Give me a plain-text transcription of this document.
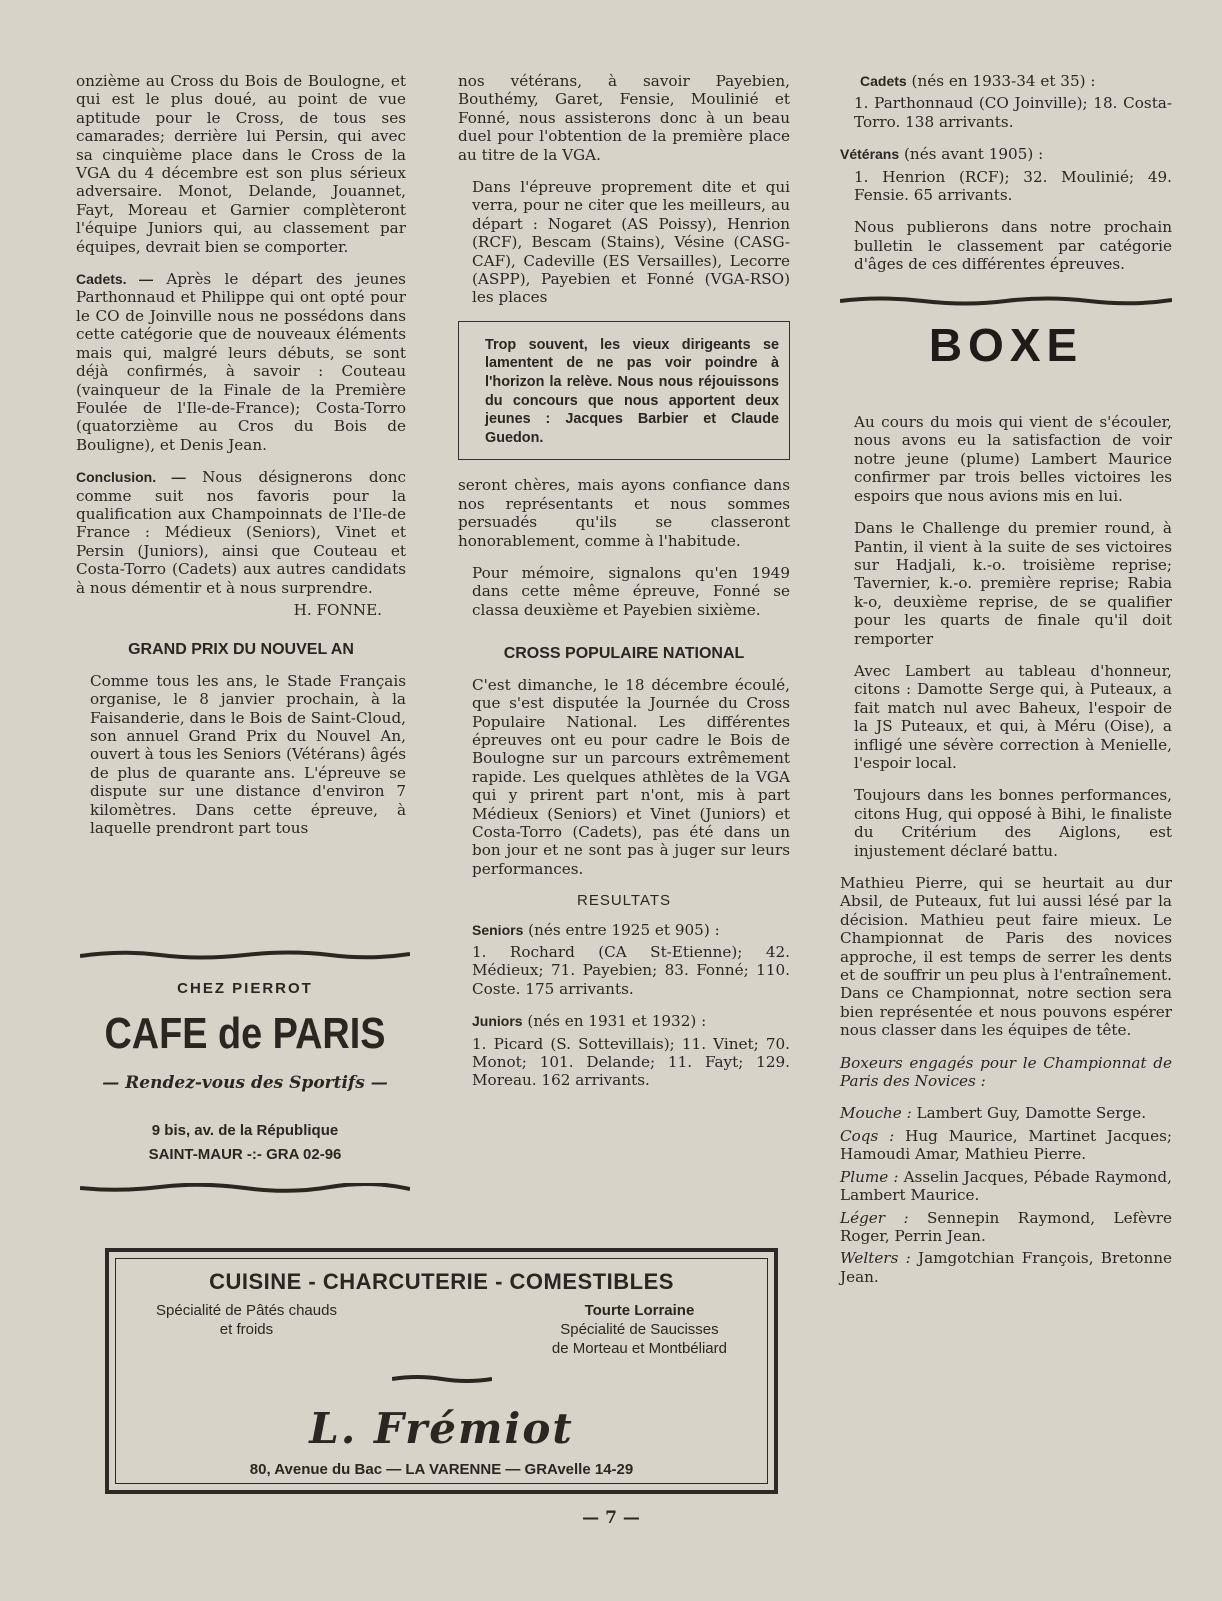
onzième au Cross du Bois de Boulogne, et qui est le plus doué, au point de vue aptitude pour le Cross, de tous ses camarades; derrière lui Persin, qui avec sa cinquième place dans le Cross de la VGA du 4 décembre est son plus sérieux adversaire. Monot, Delande, Jouannet, Fayt, Moreau et Garnier complèteront l'équipe Juniors qui, au classement par équipes, devrait bien se comporter.

Cadets. — Après le départ des jeunes Parthonnaud et Philippe qui ont opté pour le CO de Joinville nous ne possédons dans cette catégorie que de nouveaux éléments mais qui, malgré leurs débuts, se sont déjà confirmés, à savoir : Couteau (vainqueur de la Finale de la Première Foulée de l'Ile-de-France); Costa-Torro (quatorzième au Cros du Bois de Bouligne), et Denis Jean.

Conclusion. — Nous désignerons donc comme suit nos favoris pour la qualification aux Champoinnats de l'Ile-de France : Médieux (Seniors), Vinet et Persin (Juniors), ainsi que Couteau et Costa-Torro (Cadets) aux autres candidats à nous démentir et à nous surprendre.

H. FONNE.
GRAND PRIX DU NOUVEL AN

Comme tous les ans, le Stade Français organise, le 8 janvier prochain, à la Faisanderie, dans le Bois de Saint-Cloud, son annuel Grand Prix du Nouvel An, ouvert à tous les Seniors (Vétérans) âgés de plus de quarante ans. L'épreuve se dispute sur une distance d'environ 7 kilomètres. Dans cette épreuve, à laquelle prendront part tous

CHEZ PIERROT
CAFE de PARIS
— Rendez-vous des Sportifs —
9 bis, av. de la République
SAINT-MAUR -:- GRA 02-96

nos vétérans, à savoir Payebien, Bouthémy, Garet, Fensie, Moulinié et Fonné, nous assisterons donc à un beau duel pour l'obtention de la première place au titre de la VGA.

Dans l'épreuve proprement dite et qui verra, pour ne citer que les meilleurs, au départ : Nogaret (AS Poissy), Henrion (RCF), Bescam (Stains), Vésine (CASG-CAF), Cadeville (ES Versailles), Lecorre (ASPP), Payebien et Fonné (VGA-RSO) les places

Trop souvent, les vieux dirigeants se lamentent de ne pas voir poindre à l'horizon la relève. Nous nous réjouissons du concours que nous apportent deux jeunes : Jacques Barbier et Claude Guedon.

seront chères, mais ayons confiance dans nos représentants et nous sommes persuadés qu'ils se classeront honorablement, comme à l'habitude.

Pour mémoire, signalons qu'en 1949 dans cette même épreuve, Fonné se classa deuxième et Payebien sixième.

CROSS POPULAIRE NATIONAL

C'est dimanche, le 18 décembre écoulé, que s'est disputée la Journée du Cross Populaire National. Les différentes épreuves ont eu pour cadre le Bois de Boulogne sur un parcours extrêmement rapide. Les quelques athlètes de la VGA qui y prirent part n'ont, mis à part Médieux (Seniors) et Vinet (Juniors) et Costa-Torro (Cadets), pas été dans un bon jour et ne sont pas à juger sur leurs performances.

RESULTATS

Seniors (nés entre 1925 et 905) :

1. Rochard (CA St-Etienne); 42. Médieux; 71. Payebien; 83. Fonné; 110. Coste. 175 arrivants.

Juniors (nés en 1931 et 1932) :

1. Picard (S. Sottevillais); 11. Vinet; 70. Monot; 101. Delande; 11. Fayt; 129. Moreau. 162 arrivants.

Cadets (nés en 1933-34 et 35) :

1. Parthonnaud (CO Joinville); 18. Costa-Torro. 138 arrivants.

Vétérans (nés avant 1905) :

1. Henrion (RCF); 32. Moulinié; 49. Fensie. 65 arrivants.

Nous publierons dans notre prochain bulletin le classement par catégorie d'âges de ces différentes épreuves.

BOXE

Au cours du mois qui vient de s'écouler, nous avons eu la satisfaction de voir notre jeune (plume) Lambert Maurice confirmer par trois belles victoires les espoirs que nous avions mis en lui.

Dans le Challenge du premier round, à Pantin, il vient à la suite de ses victoires sur Hadjali, k.-o. troisième reprise; Tavernier, k.-o. première reprise; Rabia k-o, deuxième reprise, de se qualifier pour les quarts de finale qu'il doit remporter

Avec Lambert au tableau d'honneur, citons : Damotte Serge qui, à Puteaux, a fait match nul avec Baheux, l'espoir de la JS Puteaux, et qui, à Méru (Oise), a infligé une sévère correction à Menielle, l'espoir local.

Toujours dans les bonnes performances, citons Hug, qui opposé à Bihi, le finaliste du Critérium des Aiglons, est injustement déclaré battu.

Mathieu Pierre, qui se heurtait au dur Absil, de Puteaux, fut lui aussi lésé par la décision. Mathieu peut faire mieux. Le Championnat de Paris des novices approche, il est temps de serrer les dents et de souffrir un peu plus à l'entraînement. Dans ce Championnat, notre section sera bien représentée et nous pouvons espérer nous classer dans les équipes de tête.

Boxeurs engagés pour le Championnat de Paris des Novices :

Mouche : Lambert Guy, Damotte Serge.

Coqs : Hug Maurice, Martinet Jacques; Hamoudi Amar, Mathieu Pierre.

Plume : Asselin Jacques, Pébade Raymond, Lambert Maurice.

Léger : Sennepin Raymond, Lefèvre Roger, Perrin Jean.

Welters : Jamgotchian François, Bretonne Jean.

CUISINE - CHARCUTERIE - COMESTIBLES
Spécialité de Pâtés chauds
et froids
Tourte Lorraine
Spécialité de Saucisses
de Morteau et Montbéliard
L. Frémiot
80, Avenue du Bac — LA VARENNE — GRAvelle 14-29
— 7 —
